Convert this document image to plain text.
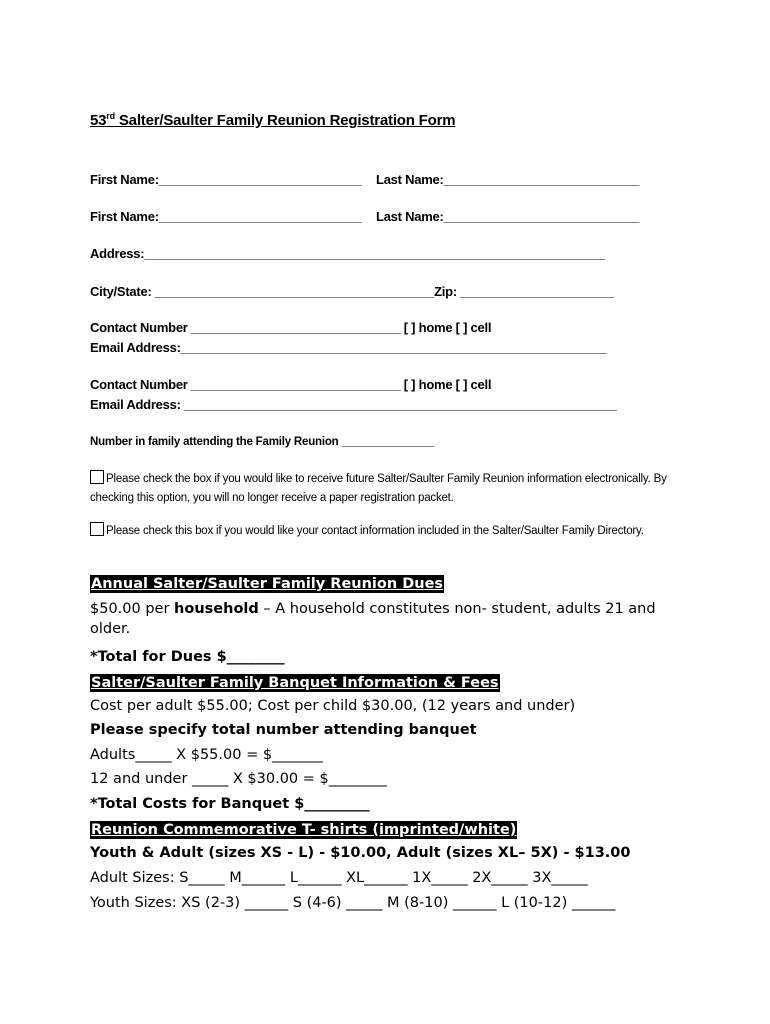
53rd Salter/Saulter Family Reunion Registration Form
First Name:_____________________________ Last Name:____________________________
First Name:_____________________________ Last Name:____________________________
Address:__________________________________________________________________
City/State: ________________________________________Zip: ______________________
Contact Number ______________________________ [ ] home [ ] cell
Email Address:_____________________________________________________________
Contact Number ______________________________ [ ] home [ ] cell
Email Address: ______________________________________________________________
Number in family attending the Family Reunion _______________
Please check the box if you would like to receive future Salter/Saulter Family Reunion information electronically. By checking this option, you will no longer receive a paper registration packet.
Please check this box if you would like your contact information included in the Salter/Saulter Family Directory.
Annual Salter/Saulter Family Reunion Dues
$50.00 per household – A household constitutes non- student, adults 21 and older.
*Total for Dues $________
Salter/Saulter Family Banquet Information & Fees
Cost per adult $55.00; Cost per child $30.00, (12 years and under)
Please specify total number attending banquet
Adults_____ X $55.00 = $_______
12 and under _____ X $30.00 = $________
*Total Costs for Banquet $_________
Reunion Commemorative T- shirts (imprinted/white)
Youth & Adult (sizes XS - L) - $10.00, Adult (sizes XL– 5X) - $13.00
Adult Sizes: S_____ M______ L______ XL______ 1X_____ 2X_____ 3X_____
Youth Sizes: XS (2-3) ______ S (4-6) _____ M (8-10) ______ L (10-12) ______
